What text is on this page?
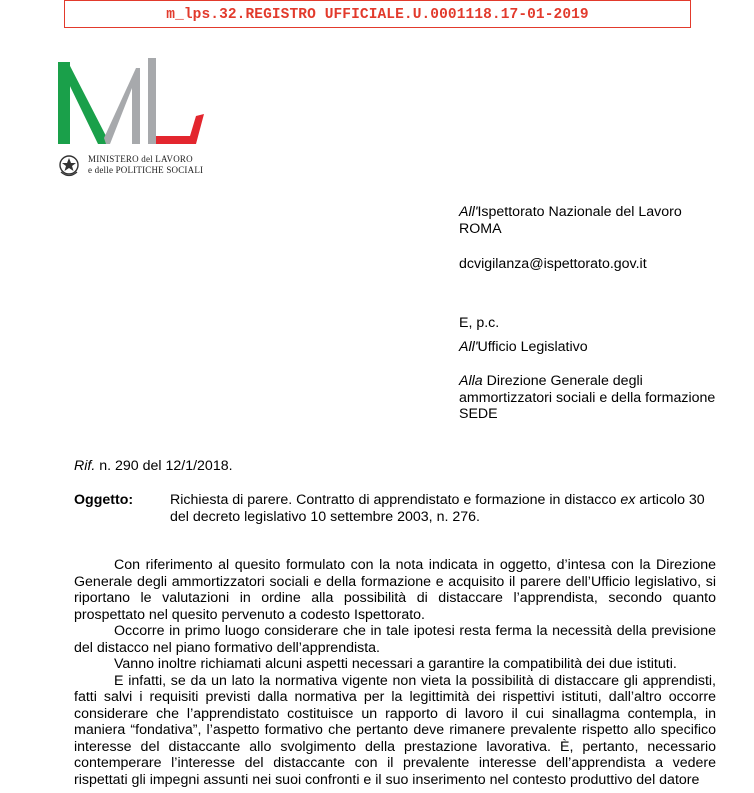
m_lps.32.REGISTRO UFFICIALE.U.0001118.17-01-2019
MINISTERO del LAVORO
e delle POLITICHE SOCIALI
All'Ispettorato Nazionale del Lavoro
ROMA
dcvigilanza@ispettorato.gov.it
E, p.c.
All'Ufficio Legislativo
Alla Direzione Generale degli
ammortizzatori sociali e della formazione
SEDE
Rif. n. 290 del 12/1/2018.
Oggetto:	Richiesta di parere. Contratto di apprendistato e formazione in distacco ex articolo 30 del decreto legislativo 10 settembre 2003, n. 276.

Con riferimento al quesito formulato con la nota indicata in oggetto, d’intesa con la Direzione Generale degli ammortizzatori sociali e della formazione e acquisito il parere dell’Ufficio legislativo, si riportano le valutazioni in ordine alla possibilità di distaccare l’apprendista, secondo quanto prospettato nel quesito pervenuto a codesto Ispettorato.

Occorre in primo luogo considerare che in tale ipotesi resta ferma la necessità della previsione del distacco nel piano formativo dell’apprendista.

Vanno inoltre richiamati alcuni aspetti necessari a garantire la compatibilità dei due istituti.

E infatti, se da un lato la normativa vigente non vieta la possibilità di distaccare gli apprendisti, fatti salvi i requisiti previsti dalla normativa per la legittimità dei rispettivi istituti, dall’altro occorre considerare che l’apprendistato costituisce un rapporto di lavoro il cui sinallagma contempla, in maniera “fondativa”, l’aspetto formativo che pertanto deve rimanere prevalente rispetto allo specifico interesse del distaccante allo svolgimento della prestazione lavorativa. È, pertanto, necessario contemperare l’interesse del distaccante con il prevalente interesse dell’apprendista a vedere rispettati gli impegni assunti nei suoi confronti e il suo inserimento nel contesto produttivo del datore
